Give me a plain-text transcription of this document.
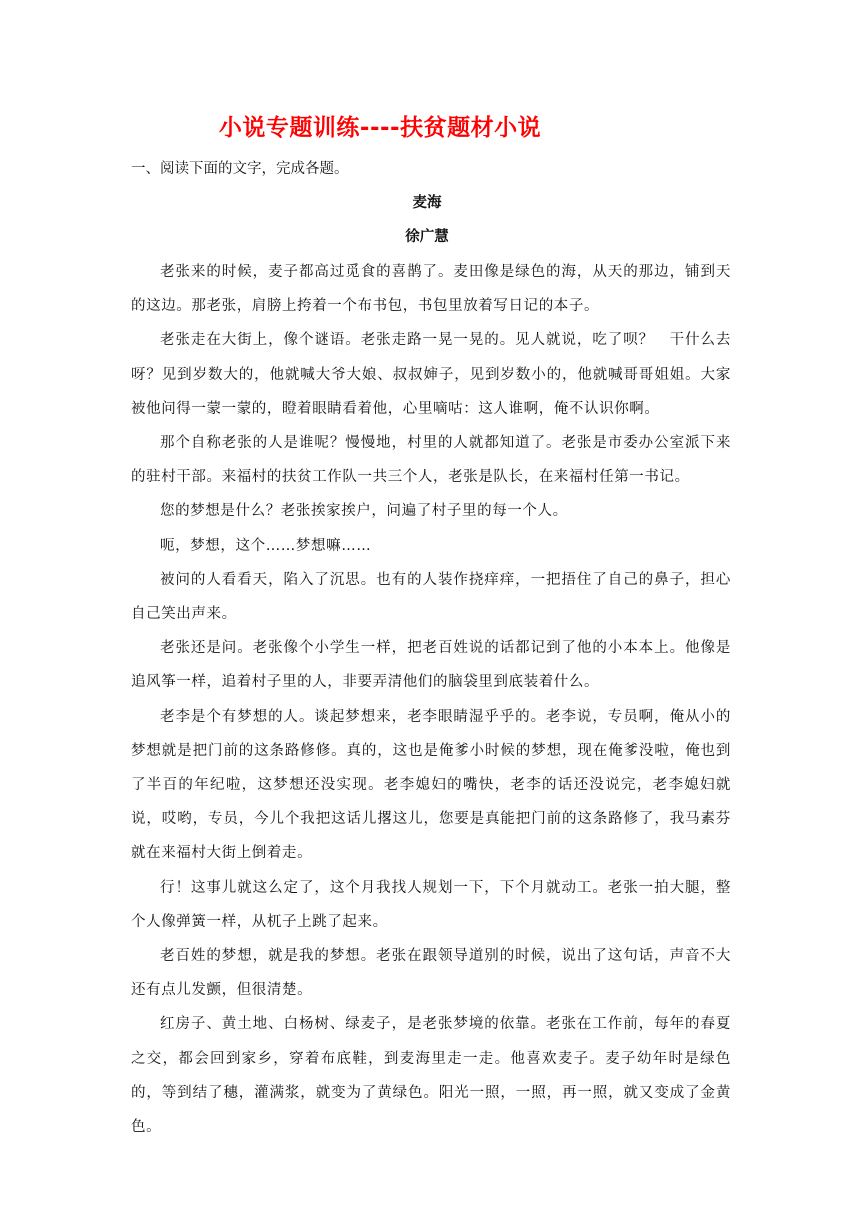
小说专题训练----扶贫题材小说
一、阅读下面的文字，完成各题。
麦海
徐广慧

老张来的时候，麦子都高过觅食的喜鹊了。麦田像是绿色的海，从天的那边，铺到天的这边。那老张，肩膀上挎着一个布书包，书包里放着写日记的本子。

老张走在大街上，像个谜语。老张走路一晃一晃的。见人就说，吃了呗？　干什么去呀？见到岁数大的，他就喊大爷大娘、叔叔婶子，见到岁数小的，他就喊哥哥姐姐。大家被他问得一蒙一蒙的，瞪着眼睛看着他，心里嘀咕：这人谁啊，俺不认识你啊。

那个自称老张的人是谁呢？慢慢地，村里的人就都知道了。老张是市委办公室派下来的驻村干部。来福村的扶贫工作队一共三个人，老张是队长，在来福村任第一书记。

您的梦想是什么？老张挨家挨户，问遍了村子里的每一个人。

呃，梦想，这个……梦想嘛……

被问的人看看天，陷入了沉思。也有的人装作挠痒痒，一把捂住了自己的鼻子，担心自己笑出声来。

老张还是问。老张像个小学生一样，把老百姓说的话都记到了他的小本本上。他像是追风筝一样，追着村子里的人，非要弄清他们的脑袋里到底装着什么。

老李是个有梦想的人。谈起梦想来，老李眼睛湿乎乎的。老李说，专员啊，俺从小的梦想就是把门前的这条路修修。真的，这也是俺爹小时候的梦想，现在俺爹没啦，俺也到了半百的年纪啦，这梦想还没实现。老李媳妇的嘴快，老李的话还没说完，老李媳妇就说，哎哟，专员，今儿个我把这话儿撂这儿，您要是真能把门前的这条路修了，我马素芬就在来福村大街上倒着走。

行！这事儿就这么定了，这个月我找人规划一下，下个月就动工。老张一拍大腿，整个人像弹簧一样，从杌子上跳了起来。

老百姓的梦想，就是我的梦想。老张在跟领导道别的时候，说出了这句话，声音不大还有点儿发颤，但很清楚。

红房子、黄土地、白杨树、绿麦子，是老张梦境的依靠。老张在工作前，每年的春夏之交，都会回到家乡，穿着布底鞋，到麦海里走一走。他喜欢麦子。麦子幼年时是绿色的，等到结了穗，灌满浆，就变为了黄绿色。阳光一照，一照，再一照，就又变成了金黄色。
